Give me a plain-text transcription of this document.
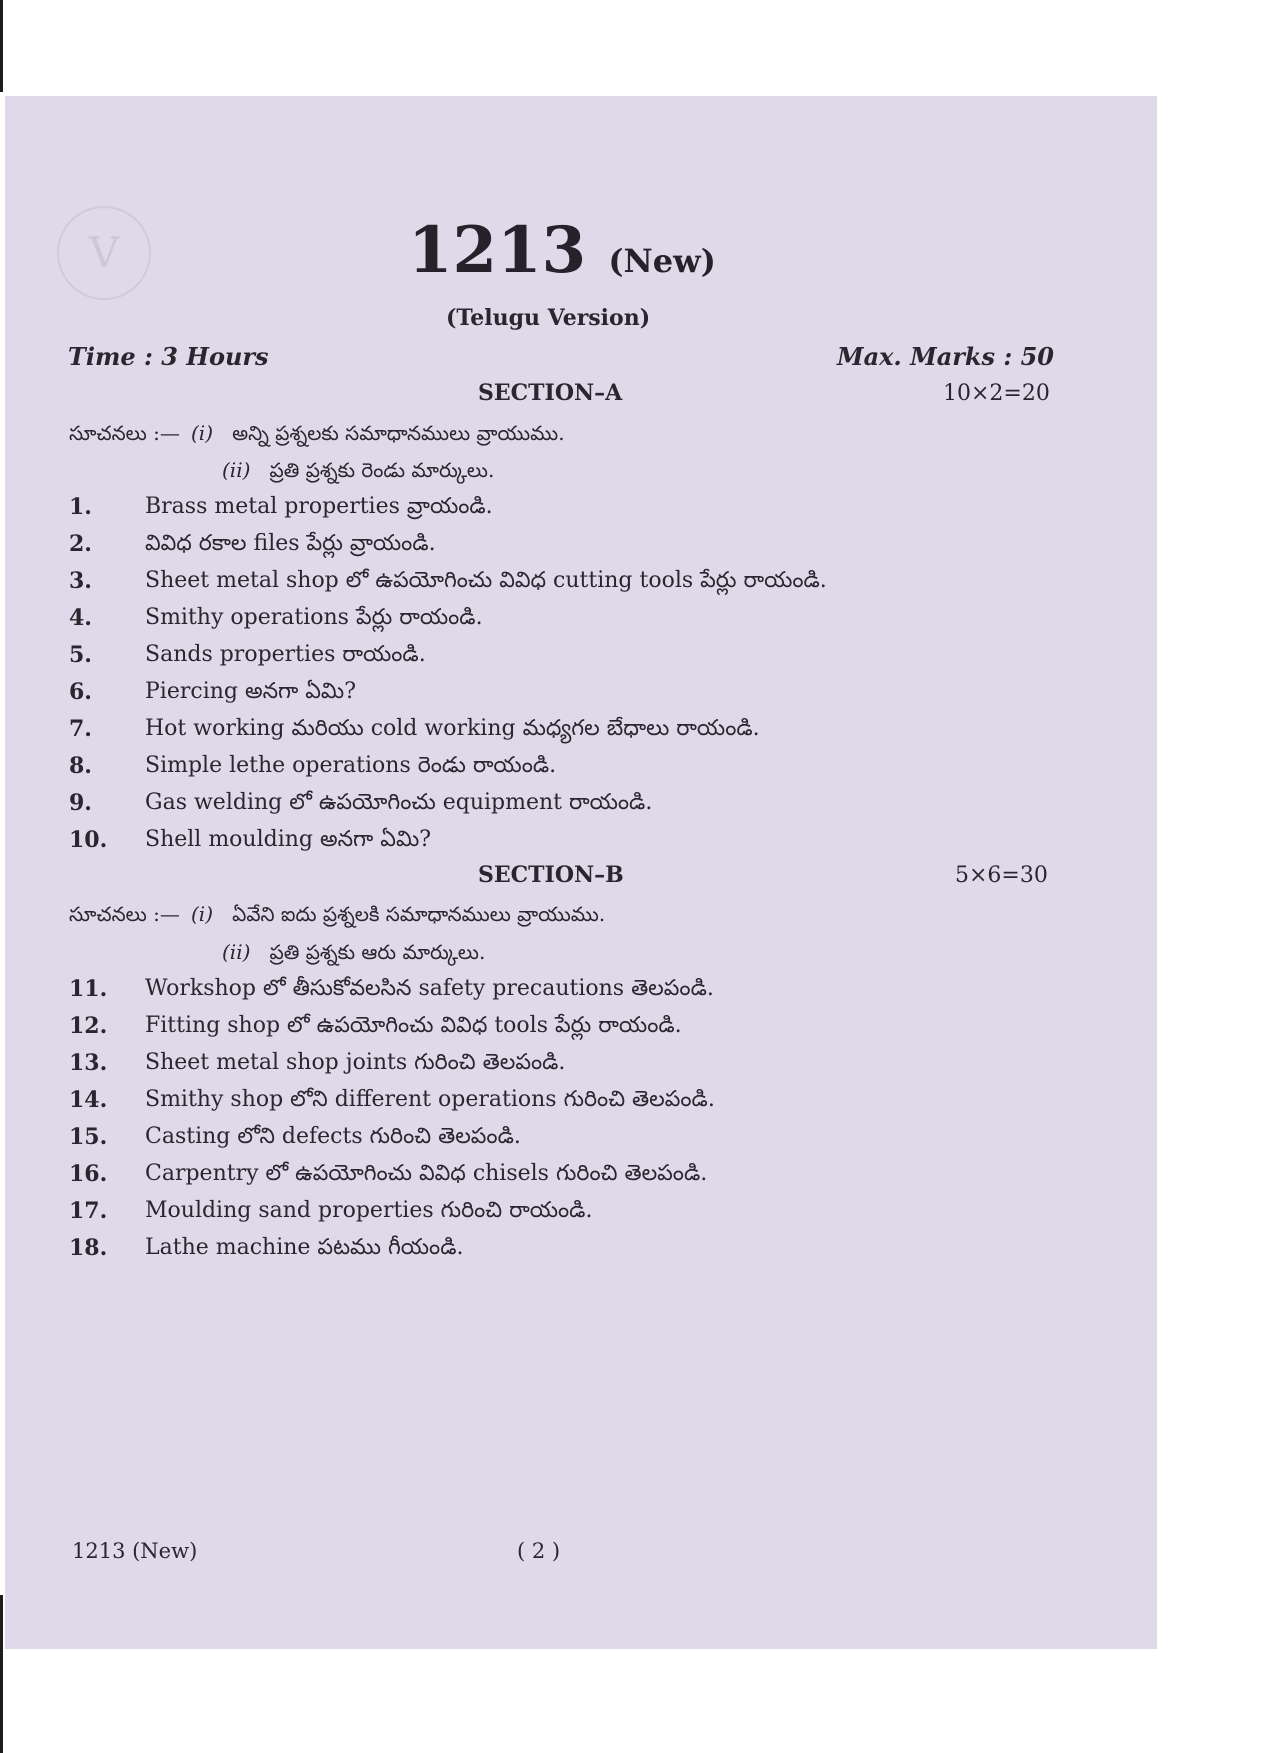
V	1213 (New)
(Telugu Version)
Time : 3 Hours	Max. Marks : 50
SECTION–A	10×2=20
సూచనలు :— (i) అన్ని ప్రశ్నలకు సమాధానములు వ్రాయుము.
(ii) ప్రతి ప్రశ్నకు రెండు మార్కులు.
1. Brass metal properties వ్రాయండి.
2. వివిధ రకాల files పేర్లు వ్రాయండి.
3. Sheet metal shop లో ఉపయోగించు వివిధ cutting tools పేర్లు రాయండి.
4. Smithy operations పేర్లు రాయండి.
5. Sands properties రాయండి.
6. Piercing అనగా ఏమి?
7. Hot working మరియు cold working మధ్యగల బేధాలు రాయండి.
8. Simple lethe operations రెండు రాయండి.
9. Gas welding లో ఉపయోగించు equipment రాయండి.
10. Shell moulding అనగా ఏమి?
SECTION–B	5×6=30
సూచనలు :— (i) ఏవేని ఐదు ప్రశ్నలకి సమాధానములు వ్రాయుము.
(ii) ప్రతి ప్రశ్నకు ఆరు మార్కులు.
11. Workshop లో తీసుకోవలసిన safety precautions తెలపండి.
12. Fitting shop లో ఉపయోగించు వివిధ tools పేర్లు రాయండి.
13. Sheet metal shop joints గురించి తెలపండి.
14. Smithy shop లోని different operations గురించి తెలపండి.
15. Casting లోని defects గురించి తెలపండి.
16. Carpentry లో ఉపయోగించు వివిధ chisels గురించి తెలపండి.
17. Moulding sand properties గురించి రాయండి.
18. Lathe machine పటము గీయండి.
1213 (New)	( 2 )
